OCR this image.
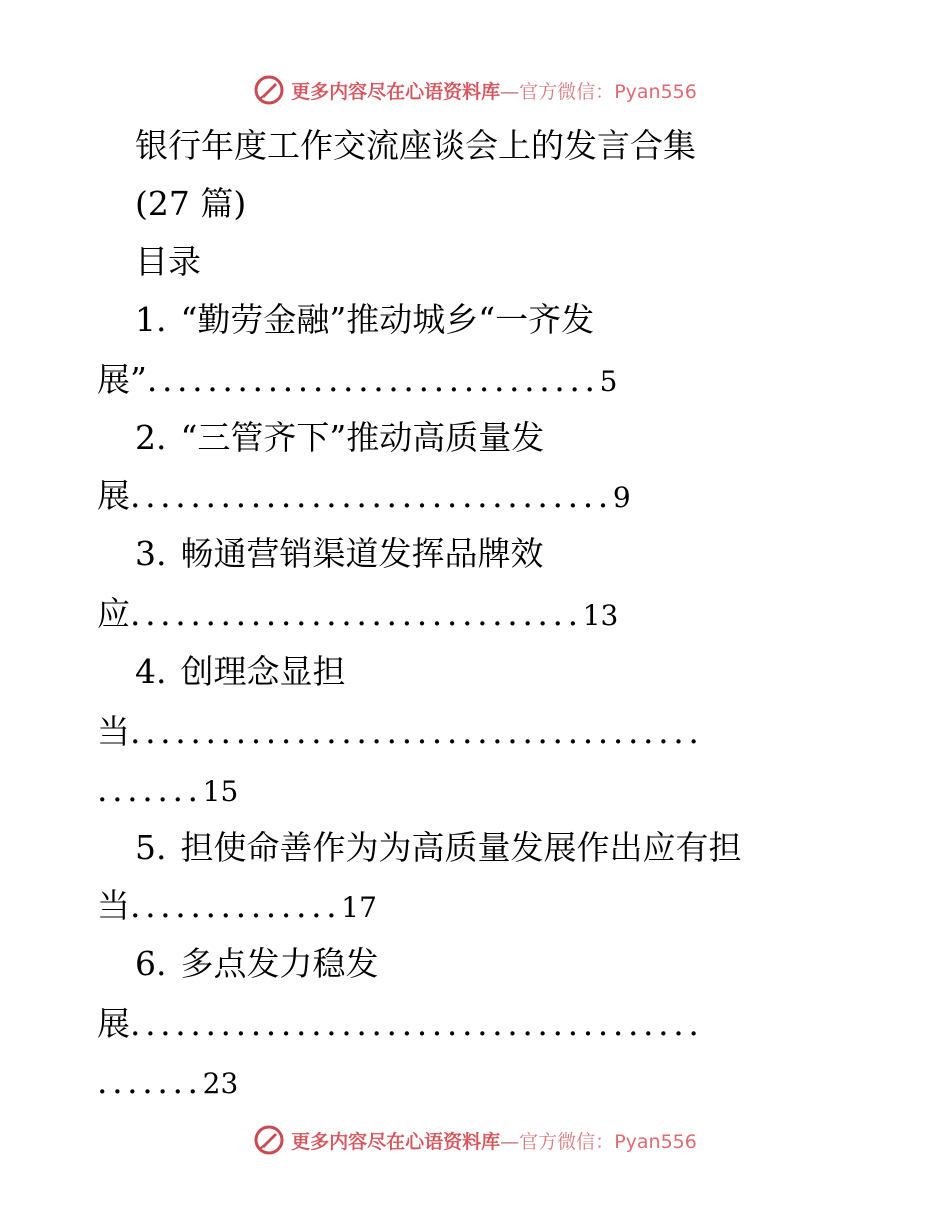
更多内容尽在心语资料库—官方微信：Pyan556
银行年度工作交流座谈会上的发言合集
(27 篇)
目录
1. “勤劳金融”推动城乡“一齐发
展”..............................5
2. “三管齐下”推动高质量发
展................................9
3. 畅通营销渠道发挥品牌效
应..............................13
4. 创理念显担
当......................................
.......15
5. 担使命善作为为高质量发展作出应有担
当..............17
6. 多点发力稳发
展......................................
.......23
更多内容尽在心语资料库—官方微信：Pyan556
